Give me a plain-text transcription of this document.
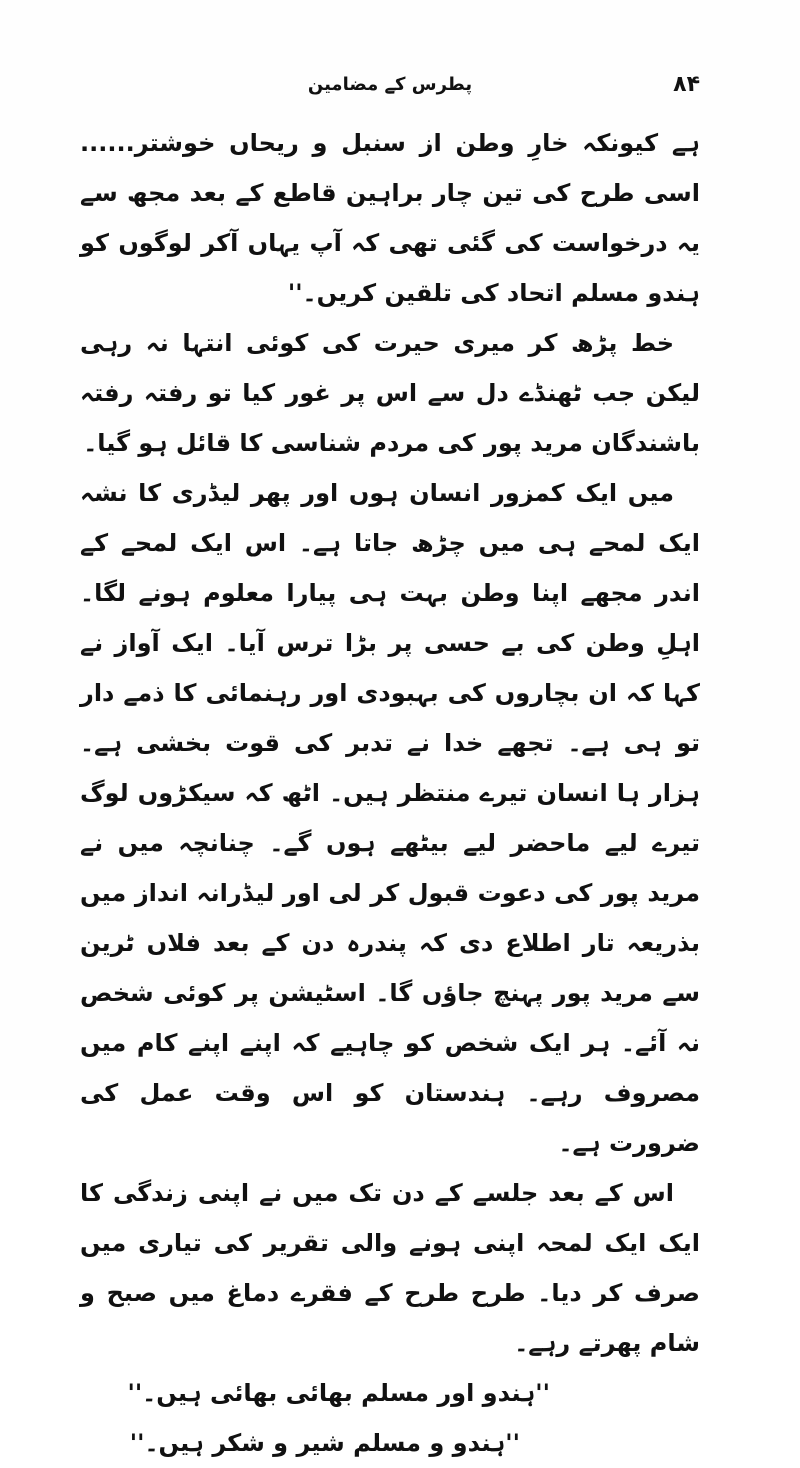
۸۴
پطرس کے مضامین

ہے کیونکہ خارِ وطن از سنبل و ریحاں خوشتر...... اسی طرح کی تین چار براہین قاطع کے بعد مجھ سے یہ درخواست کی گئی تھی کہ آپ یہاں آکر لوگوں کو ہندو مسلم اتحاد کی تلقین کریں۔''

خط پڑھ کر میری حیرت کی کوئی انتہا نہ رہی لیکن جب ٹھنڈے دل سے اس پر غور کیا تو رفتہ رفتہ باشندگان مرید پور کی مردم شناسی کا قائل ہو گیا۔

میں ایک کمزور انسان ہوں اور پھر لیڈری کا نشہ ایک لمحے ہی میں چڑھ جاتا ہے۔ اس ایک لمحے کے اندر مجھے اپنا وطن بہت ہی پیارا معلوم ہونے لگا۔ اہلِ وطن کی بے حسی پر بڑا ترس آیا۔ ایک آواز نے کہا کہ ان بچاروں کی بہبودی اور رہنمائی کا ذمے دار تو ہی ہے۔ تجھے خدا نے تدبر کی قوت بخشی ہے۔ ہزار ہا انسان تیرے منتظر ہیں۔ اٹھ کہ سیکڑوں لوگ تیرے لیے ماحضر لیے بیٹھے ہوں گے۔ چنانچہ میں نے مرید پور کی دعوت قبول کر لی اور لیڈرانہ انداز میں بذریعہ تار اطلاع دی کہ پندرہ دن کے بعد فلاں ٹرین سے مرید پور پہنچ جاؤں گا۔ اسٹیشن پر کوئی شخص نہ آئے۔ ہر ایک شخص کو چاہیے کہ اپنے اپنے کام میں مصروف رہے۔ ہندستان کو اس وقت عمل کی ضرورت ہے۔

اس کے بعد جلسے کے دن تک میں نے اپنی زندگی کا ایک ایک لمحہ اپنی ہونے والی تقریر کی تیاری میں صرف کر دیا۔ طرح طرح کے فقرے دماغ میں صبح و شام پھرتے رہے۔

''ہندو اور مسلم بھائی بھائی ہیں۔''

''ہندو و مسلم شیر و شکر ہیں۔''
